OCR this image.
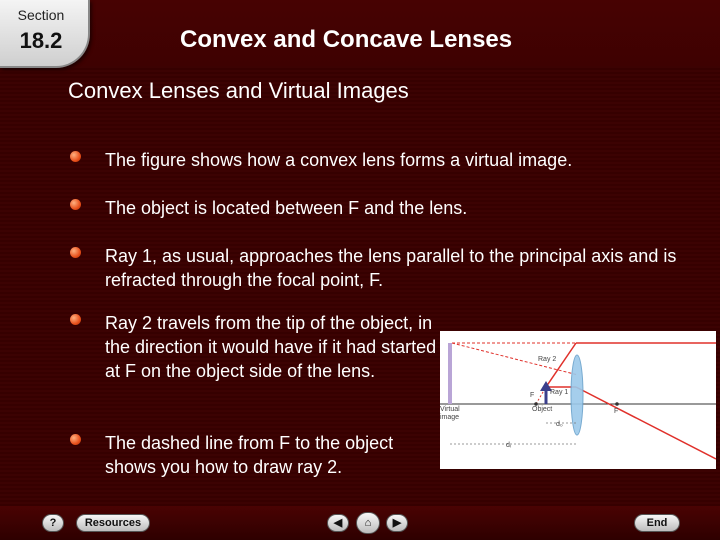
Section
18.2	Convex and Concave Lenses
Convex Lenses and Virtual Images
The figure shows how a convex lens forms a virtual image.
The object is located between F and the lens.
Ray 1, as usual, approaches the lens parallel to the principal axis and is refracted through the focal point, F.
Ray 2 travels from the tip of the object, in the direction it would have if it had started at F on the object side of the lens.
The dashed line from F to the object shows you how to draw ray 2.
Ray 2
Ray 1
Virtual
image
F
Object	F
d₀
dᵢ
?	Resources	◀ ⌂ ▶	End
